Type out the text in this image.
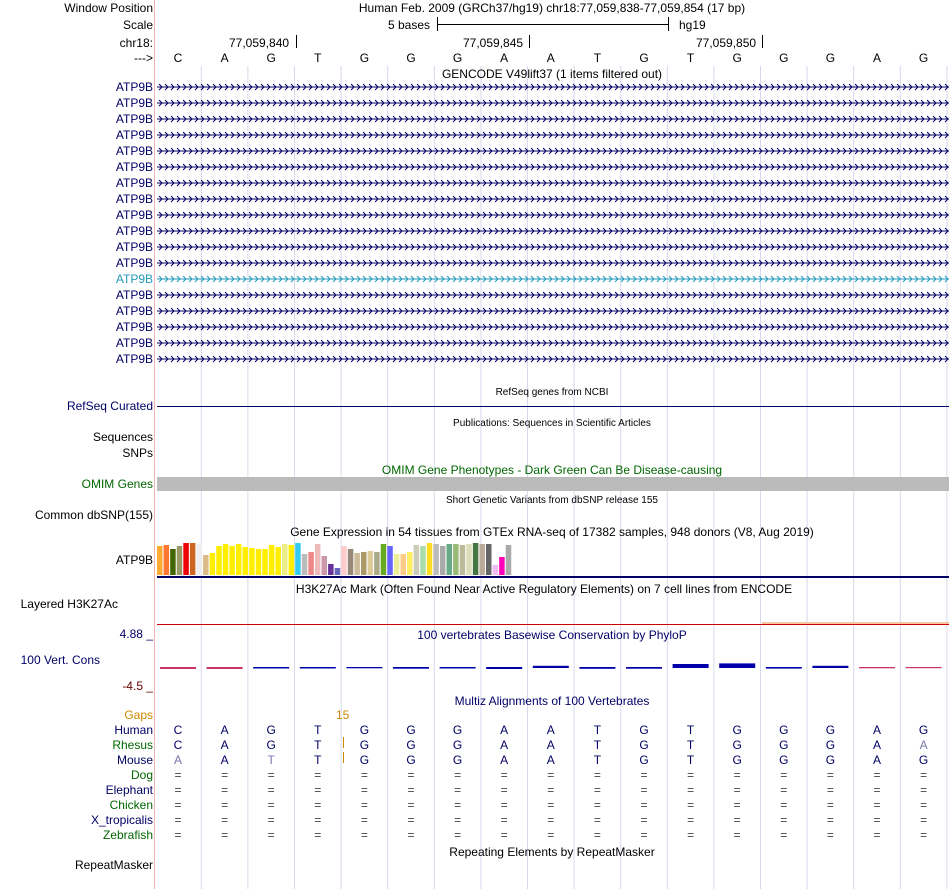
Window Position
Scale
chr18:
--->
ATP9B
ATP9B
ATP9B
ATP9B
ATP9B
ATP9B
ATP9B
ATP9B
ATP9B
ATP9B
ATP9B
ATP9B
ATP9B
ATP9B
ATP9B
ATP9B
ATP9B
ATP9B
RefSeq Curated
Sequences
SNPs
OMIM Genes
Common dbSNP(155)
ATP9B
Layered H3K27Ac
4.88 _
100 Vert. Cons
-4.5 _
Gaps
Human
Rhesus
Mouse
Dog
Elephant
Chicken
X_tropicalis
Zebrafish
RepeatMasker
Human Feb. 2009 (GRCh37/hg19) chr18:77,059,838-77,059,854 (17 bp)
5 bases	hg19
77,059,840	77,059,845	77,059,850
C	A	G	T	G	G	G	A	A	T	G	T	G	G	G	A	G
GENCODE V49lift37 (1 items filtered out)
RefSeq genes from NCBI
Publications: Sequences in Scientific Articles
OMIM Gene Phenotypes - Dark Green Can Be Disease-causing
Short Genetic Variants from dbSNP release 155
Gene Expression in 54 tissues from GTEx RNA-seq of 17382 samples, 948 donors (V8, Aug 2019)
H3K27Ac Mark (Often Found Near Active Regulatory Elements) on 7 cell lines from ENCODE
100 vertebrates Basewise Conservation by PhyloP
Multiz Alignments of 100 Vertebrates
15
C	A	G	T	G	G	G	A	A	T	G	T	G	G	G	A	G
C	A	G	T	G	G	G	A	A	T	G	T	G	G	G	A	A
A	A	T	T	G	G	G	A	A	T	G	T	G	G	G	A	G
=	=	=	=	=	=	=	=	=	=	=	=	=	=	=	=	=
=	=	=	=	=	=	=	=	=	=	=	=	=	=	=	=	=
=	=	=	=	=	=	=	=	=	=	=	=	=	=	=	=	=
=	=	=	=	=	=	=	=	=	=	=	=	=	=	=	=	=
=	=	=	=	=	=	=	=	=	=	=	=	=	=	=	=	=
Repeating Elements by RepeatMasker
